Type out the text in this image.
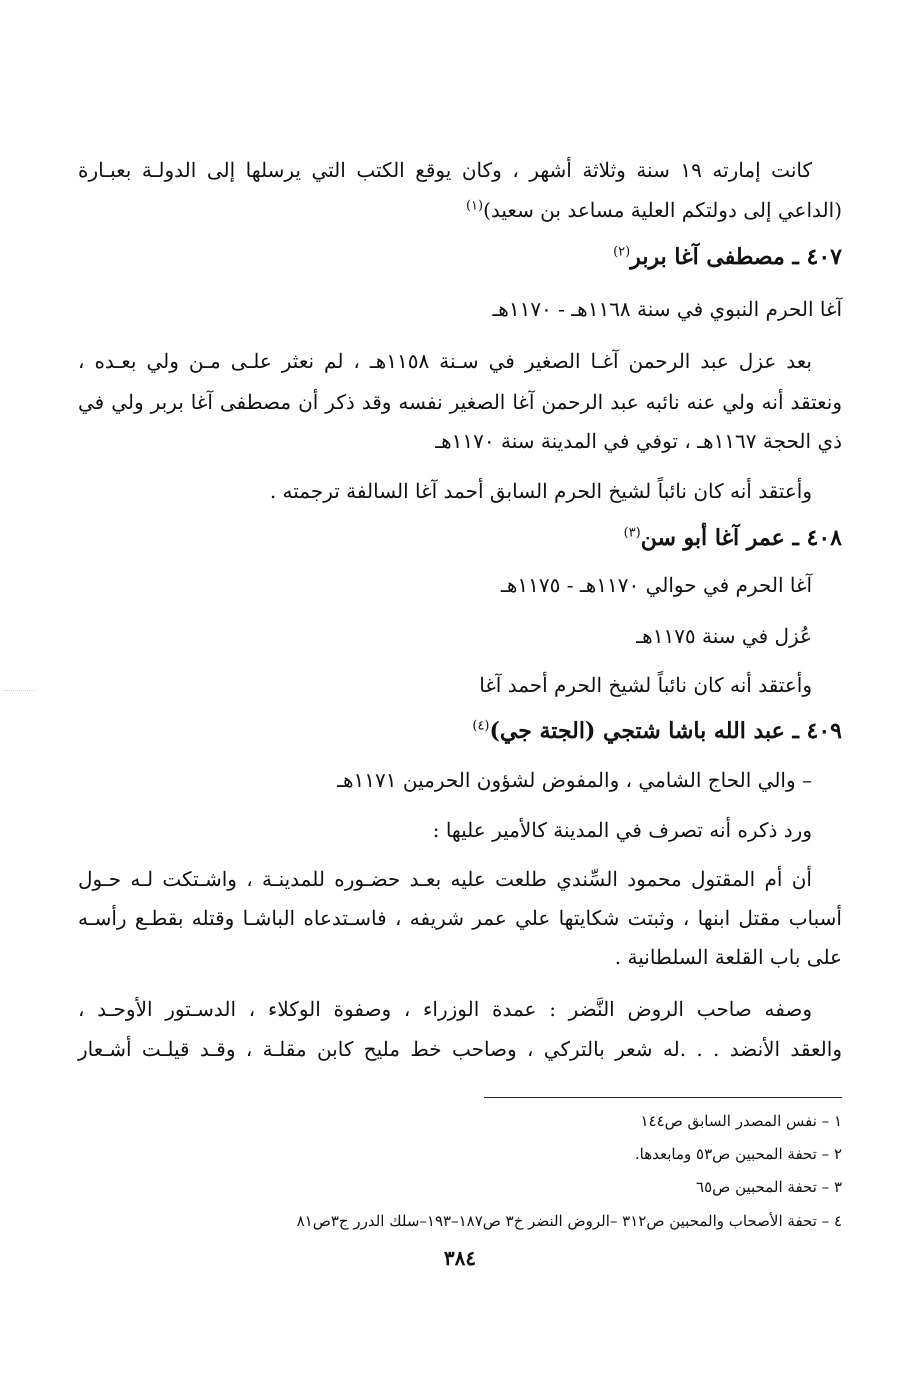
كانت إمارته ١٩ سنة وثلاثة أشهر ، وكان يوقع الكتب التي يرسلها إلى الدولـة بعبـارة
(الداعي إلى دولتكم العلية مساعد بن سعيد)$^{(١)}$
٤٠٧ ـ مصطفى آغا بربر$^{(٢)}$
آغا الحرم النبوي في سنة ١١٦٨هـ - ١١٧٠هـ
بعد عزل عبد الرحمن آغـا الصغير في سـنة ١١٥٨هـ ، لم نعثر علـى مـن ولي بعـده ،
ونعتقد أنه ولي عنه نائبه عبد الرحمن آغا الصغير نفسه وقد ذكر أن مصطفى آغا بربر ولي في
ذي الحجة ١١٦٧هـ ، توفي في المدينة سنة ١١٧٠هـ
وأعتقد أنه كان نائباً لشيخ الحرم السابق أحمد آغا السالفة ترجمته .
٤٠٨ ـ عمر آغا أبو سن$^{(٣)}$
آغا الحرم في حوالي ١١٧٠هـ - ١١٧٥هـ
عُزل في سنة ١١٧٥هـ
وأعتقد أنه كان نائباً لشيخ الحرم أحمد آغا
٤٠٩ ـ عبد الله باشا شتجي (الجتة جي)$^{(٤)}$
– والي الحاج الشامي ، والمفوض لشؤون الحرمين ١١٧١هـ
ورد ذكره أنه تصرف في المدينة كالأمير عليها :
أن أم المقتول محمود السِّندي طلعت عليه بعـد حضـوره للمدينـة ، واشـتكت لـه حـول
أسباب مقتل ابنها ، وثبتت شكايتها علي عمر شريفه ، فاسـتدعاه الباشـا وقتله بقطـع رأسـه
على باب القلعة السلطانية .
وصفه صاحب الروض النَّضر : عمدة الوزراء ، وصفوة الوكلاء ، الدسـتور الأوحـد ،
والعقد الأنضد . . .له شعر بالتركي ، وصاحب خط مليح كابن مقلـة ، وقـد قيلـت أشـعار
١ – نفس المصدر السابق ص١٤٤
٢ – تحفة المحبين ص٥٣ ومابعدها.
٣ – تحفة المحبين ص٦٥
٤ – تحفة الأصحاب والمحبين ص٣١٢ –الروض النضر خ٣ ص١٨٧–١٩٣–سلك الدرر ج٣ص٨١
٣٨٤
